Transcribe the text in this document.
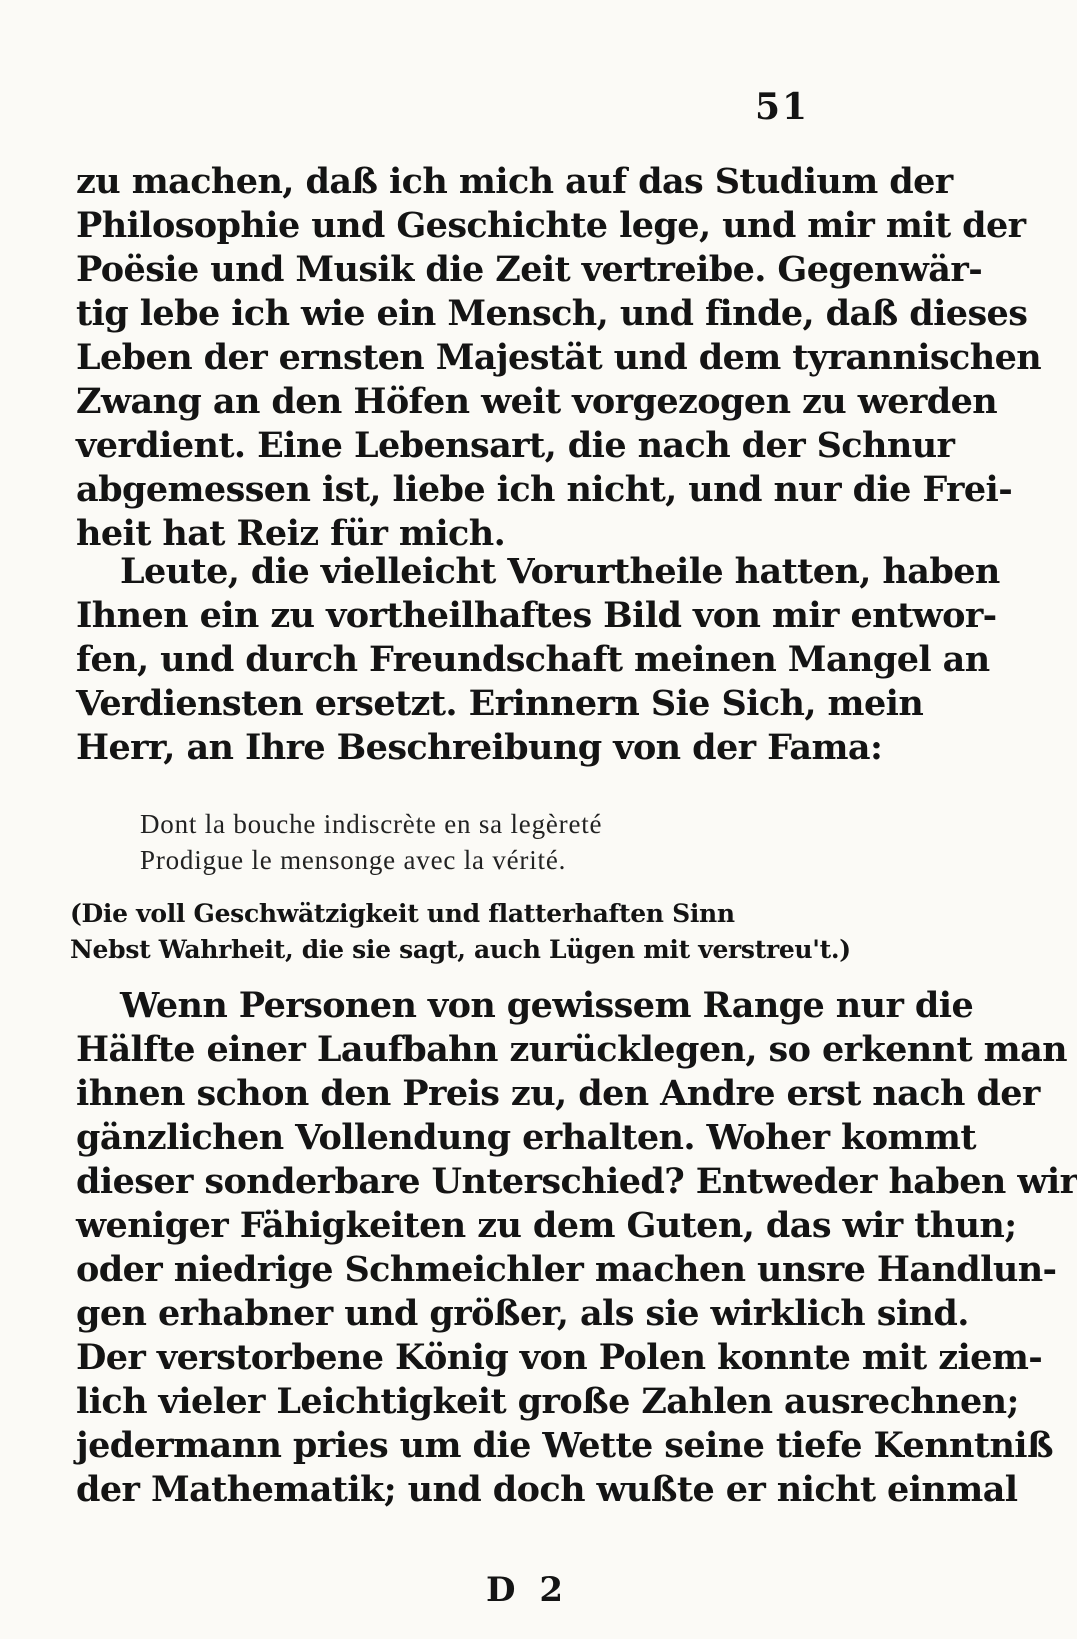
51
zu machen, daß ich mich auf das Studium der
Philosophie und Geschichte lege, und mir mit der
Poësie und Musik die Zeit vertreibe. Gegenwär-
tig lebe ich wie ein Mensch, und finde, daß dieses
Leben der ernsten Majestät und dem tyrannischen
Zwang an den Höfen weit vorgezogen zu werden
verdient. Eine Lebensart, die nach der Schnur
abgemessen ist, liebe ich nicht, und nur die Frei-
heit hat Reiz für mich.
Leute, die vielleicht Vorurtheile hatten, haben
Ihnen ein zu vortheilhaftes Bild von mir entwor-
fen, und durch Freundschaft meinen Mangel an
Verdiensten ersetzt. Erinnern Sie Sich, mein
Herr, an Ihre Beschreibung von der Fama:
Dont la bouche indiscrète en sa legèreté
Prodigue le mensonge avec la vérité.
(Die voll Geschwätzigkeit und flatterhaften Sinn
Nebst Wahrheit, die sie sagt, auch Lügen mit verstreu't.)
Wenn Personen von gewissem Range nur die
Hälfte einer Laufbahn zurücklegen, so erkennt man
ihnen schon den Preis zu, den Andre erst nach der
gänzlichen Vollendung erhalten. Woher kommt
dieser sonderbare Unterschied? Entweder haben wir
weniger Fähigkeiten zu dem Guten, das wir thun;
oder niedrige Schmeichler machen unsre Handlun-
gen erhabner und größer, als sie wirklich sind.
Der verstorbene König von Polen konnte mit ziem-
lich vieler Leichtigkeit große Zahlen ausrechnen;
jedermann pries um die Wette seine tiefe Kenntniß
der Mathematik; und doch wußte er nicht einmal
D 2
